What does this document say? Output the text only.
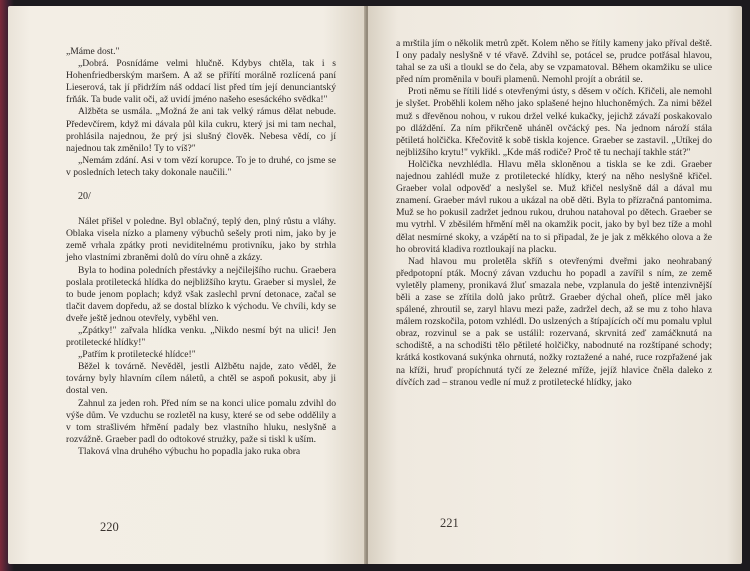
„Máme dost."

„Dobrá. Posnídáme velmi hlučně. Kdybys chtěla, tak i s Hohenfriedberským maršem. A až se přiřítí morálně rozlícená paní Lieserová, tak jí přidržím náš oddací list před tím její denunciantský frňák. Ta bude valit oči, až uvidí jméno našeho esesáckého svědka!"

Alžběta se usmála. „Možná že ani tak velký rámus dělat nebude. Předevčírem, když mi dávala půl kila cukru, který jsi mi tam nechal, prohlásila najednou, že prý jsi slušný člověk. Nebesa vědí, co jí najednou tak změnilo! Ty to víš?"

„Nemám zdání. Asi v tom vězí korupce. To je to druhé, co jsme se v posledních letech taky dokonale naučili."

20/

Nálet přišel v poledne. Byl oblačný, teplý den, plný růstu a vláhy. Oblaka visela nízko a plameny výbuchů sešely proti nim, jako by je země vrhala zpátky proti neviditelnému protivníku, jako by strhla jeho vlastními zbraněmi dolů do víru ohně a zkázy.

Byla to hodina poledních přestávky a nejčilejšího ruchu. Graebera poslala protiletecká hlídka do nejbližšího krytu. Graeber si myslel, že to bude jenom poplach; když však zaslechl první detonace, začal se tlačit davem dopředu, až se dostal blízko k východu. Ve chvíli, kdy se dveře ještě jednou otevřely, vyběhl ven.

„Zpátky!" zařvala hlídka venku. „Nikdo nesmí být na ulici! Jen protiletecké hlídky!"

„Patřím k protiletecké hlídce!"

Běžel k továrně. Nevěděl, jestli Alžbětu najde, zato věděl, že továrny byly hlavním cílem náletů, a chtěl se aspoň pokusit, aby ji dostal ven.

Zahnul za jeden roh. Před ním se na konci ulice pomalu zdvihl do výše dům. Ve vzduchu se rozletěl na kusy, které se od sebe oddělily a v tom strašlivém hřmění padaly bez vlastního hluku, neslyšně a rozvážně. Graeber padl do odtokové strużky, paže si tiskl k uším.

Tlaková vlna druhého výbuchu ho popadla jako ruka obra

220

a mrštila jím o několik metrů zpět. Kolem něho se řítily kameny jako příval deště. I ony padaly neslyšně v té vřavě. Zdvihl se, potácel se, prudce potřásal hlavou, tahal se za uši a tloukl se do čela, aby se vzpamatoval. Během okamžiku se ulice před ním proměnila v bouři plamenů. Nemohl projít a obrátil se.

Proti němu se řítili lidé s otevřenými ústy, s děsem v očích. Křičeli, ale nemohl je slyšet. Proběhli kolem něho jako splašené hejno hluchoněmých. Za nimi běžel muž s dřevěnou nohou, v rukou držel velké kukačky, jejichž závaží poskakovalo po dláždění. Za ním přikrčeně uháněl ovčácký pes. Na jednom nároží stála pětiletá holčička. Křečovitě k sobě tiskla kojence. Graeber se zastavil. „Utíkej do nejbližšího krytu!" vykřikl. „Kde máš rodiče? Proč tě tu nechají takhle stát?"

Holčička nevzhlédla. Hlavu měla skloněnou a tiskla se ke zdi. Graeber najednou zahlédl muže z protiletecké hlídky, který na něho neslyšně křičel. Graeber volal odpověď a neslyšel se. Muž křičel neslyšně dál a dával mu znamení. Graeber mávl rukou a ukázal na obě děti. Byla to přízračná pantomima. Muž se ho pokusil zadržet jednou rukou, druhou natahoval po dětech. Graeber se mu vytrhl. V zběsilém hřmění měl na okamžik pocit, jako by byl bez tíže a mohl dělat nesmírné skoky, a vzápětí na to si připadal, že je jak z měkkého olova a že ho obrovitá kladiva roztloukají na placku.

Nad hlavou mu proletěla skříň s otevřenými dveřmi jako neohrabaný předpotopní pták. Mocný závan vzduchu ho popadl a zavířil s ním, ze země vyletěly plameny, pronikavá žluť smazala nebe, vzplanula do ještě intenzivnější běli a zase se zřítila dolů jako průtrž. Graeber dýchal oheň, plíce měl jako spálené, zhroutil se, zaryl hlavu mezi paže, zadržel dech, až se mu z toho hlava málem rozskočila, potom vzhlédl. Do uslzených a štípajících očí mu pomalu vplul obraz, rozvinul se a pak se ustálil: rozervaná, skrvnitá zeď zamáčknutá na schodiště, a na schodišti tělo pětileté holčičky, nabodnuté na rozštípané schody; krátká kostkovaná sukýnka ohrnutá, nožky roztažené a nahé, ruce rozpřažené jak na kříži, hruď propíchnutá tyčí ze železné mříže, jejíž hlavice čněla daleko z dívčích zad – stranou vedle ní muž z protiletecké hlídky, jako

221
